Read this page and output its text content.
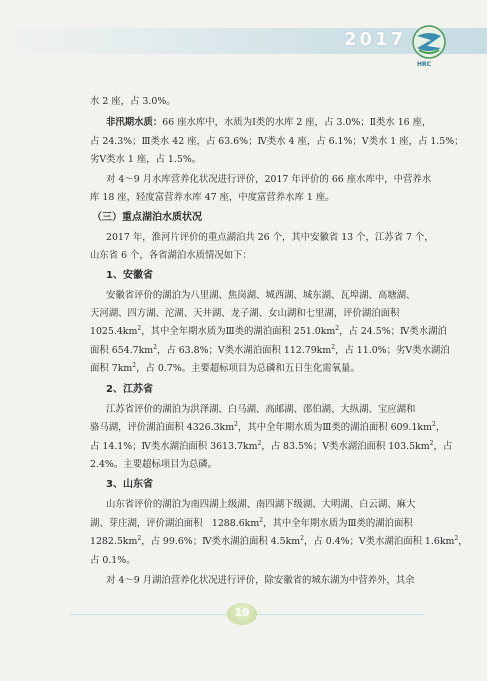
2017
HRC
水 2 座，占 3.0%。
非汛期水质：66 座水库中，水质为Ⅰ类的水库 2 座，占 3.0%；Ⅱ类水 16 座，
占 24.3%；Ⅲ类水 42 座，占 63.6%；Ⅳ类水 4 座，占 6.1%；Ⅴ类水 1 座，占 1.5%；
劣Ⅴ类水 1 座，占 1.5%。
对 4～9 月水库营养化状况进行评价，2017 年评价的 66 座水库中，中营养水
库 18 座，轻度富营养水库 47 座，中度富营养水库 1 座。
（三）重点湖泊水质状况
2017 年，淮河片评价的重点湖泊共 26 个，其中安徽省 13 个，江苏省 7 个，
山东省 6 个，各省湖泊水质情况如下：
1、安徽省
安徽省评价的湖泊为八里湖、焦岗湖、城西湖、城东湖、瓦埠湖、高塘湖、
天河湖、四方湖、沱湖、天井湖、龙子湖、女山湖和七里湖，评价湖泊面积
$1025.4km^2$，其中全年期水质为Ⅲ类的湖泊面积 $251.0km^2$，占 24.5%；Ⅳ类水湖泊
面积 $654.7km^2$，占 63.8%；Ⅴ类水湖泊面积 $112.79km^2$，占 11.0%；劣Ⅴ类水湖泊
面积 $7km^2$，占 0.7%。主要超标项目为总磷和五日生化需氧量。
2、江苏省
江苏省评价的湖泊为洪泽湖、白马湖、高邮湖、邵伯湖、大纵湖、宝应湖和
骆马湖，评价湖泊面积 $4326.3km^2$，其中全年期水质为Ⅲ类的湖泊面积 $609.1km^2$，
占 14.1%；Ⅳ类水湖泊面积 $3613.7km^2$，占 83.5%；Ⅴ类水湖泊面积 $103.5km^2$，占
2.4%。主要超标项目为总磷。
3、山东省
山东省评价的湖泊为南四湖上级湖、南四湖下级湖、大明湖、白云湖、麻大
湖、芽庄湖，评价湖泊面积　$1288.6km^2$，其中全年期水质为Ⅲ类的湖泊面积
$1282.5km^2$，占 99.6%；Ⅳ类水湖泊面积 $4.5km^2$，占 0.4%；Ⅴ类水湖泊面积 $1.6km^2$，
占 0.1%。
对 4～9 月湖泊营养化状况进行评价，除安徽省的城东湖为中营养外，其余
19
